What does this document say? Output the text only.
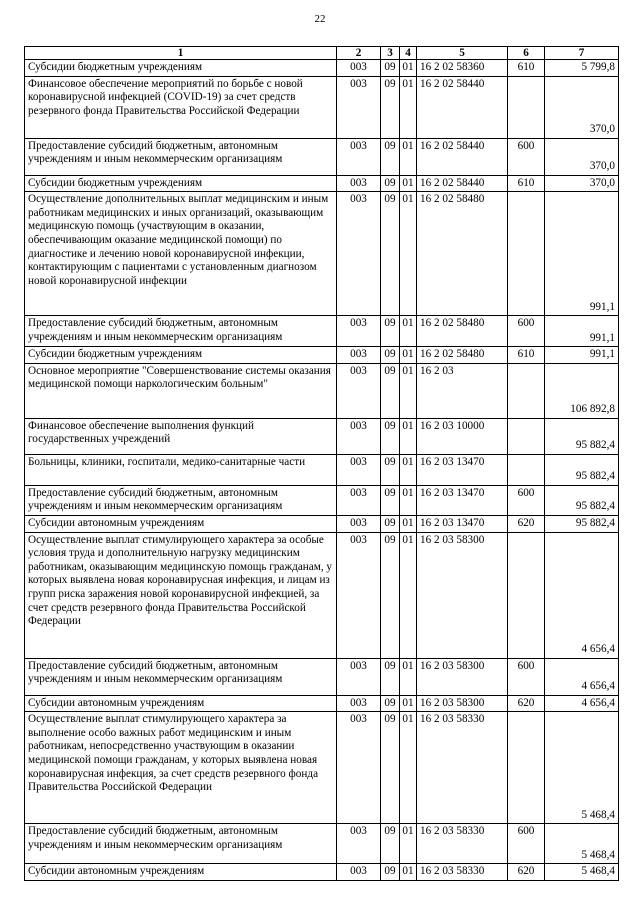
22
1	2	3	4	5	6	7
Субсидии бюджетным учреждениям	003	09	01	16 2 02 58360	610	5 799,8
Финансовое обеспечение мероприятий по борьбе с новой коронавирусной инфекцией (COVID-19) за счет средств резервного фонда Правительства Российской Федерации	003	09	01	16 2 02 58440		370,0
Предоставление субсидий бюджетным, автономным учреждениям и иным некоммерческим организациям	003	09	01	16 2 02 58440	600	370,0
Субсидии бюджетным учреждениям	003	09	01	16 2 02 58440	610	370,0
Осуществление дополнительных выплат медицинским и иным работникам медицинских и иных организаций, оказывающим медицинскую помощь (участвующим в оказании, обеспечивающим оказание медицинской помощи) по диагностике и лечению новой коронавирусной инфекции, контактирующим с пациентами с установленным диагнозом новой коронавирусной инфекции	003	09	01	16 2 02 58480		991,1
Предоставление субсидий бюджетным, автономным учреждениям и иным некоммерческим организациям	003	09	01	16 2 02 58480	600	991,1
Субсидии бюджетным учреждениям	003	09	01	16 2 02 58480	610	991,1
Основное мероприятие "Совершенствование системы оказания медицинской помощи наркологическим больным"	003	09	01	16 2 03		106 892,8
Финансовое обеспечение выполнения функций государственных учреждений	003	09	01	16 2 03 10000		95 882,4
Больницы, клиники, госпитали, медико-санитарные части	003	09	01	16 2 03 13470		95 882,4
Предоставление субсидий бюджетным, автономным учреждениям и иным некоммерческим организациям	003	09	01	16 2 03 13470	600	95 882,4
Субсидии автономным учреждениям	003	09	01	16 2 03 13470	620	95 882,4
Осуществление выплат стимулирующего характера за особые условия труда и дополнительную нагрузку медицинским работникам, оказывающим медицинскую помощь гражданам, у которых выявлена новая коронавирусная инфекция, и лицам из групп риска заражения новой коронавирусной инфекцией, за счет средств резервного фонда Правительства Российской Федерации	003	09	01	16 2 03 58300		4 656,4
Предоставление субсидий бюджетным, автономным учреждениям и иным некоммерческим организациям	003	09	01	16 2 03 58300	600	4 656,4
Субсидии автономным учреждениям	003	09	01	16 2 03 58300	620	4 656,4
Осуществление выплат стимулирующего характера за выполнение особо важных работ медицинским и иным работникам, непосредственно участвующим в оказании медицинской помощи гражданам, у которых выявлена новая коронавирусная инфекция, за счет средств резервного фонда Правительства Российской Федерации	003	09	01	16 2 03 58330		5 468,4
Предоставление субсидий бюджетным, автономным учреждениям и иным некоммерческим организациям	003	09	01	16 2 03 58330	600	5 468,4
Субсидии автономным учреждениям	003	09	01	16 2 03 58330	620	5 468,4
